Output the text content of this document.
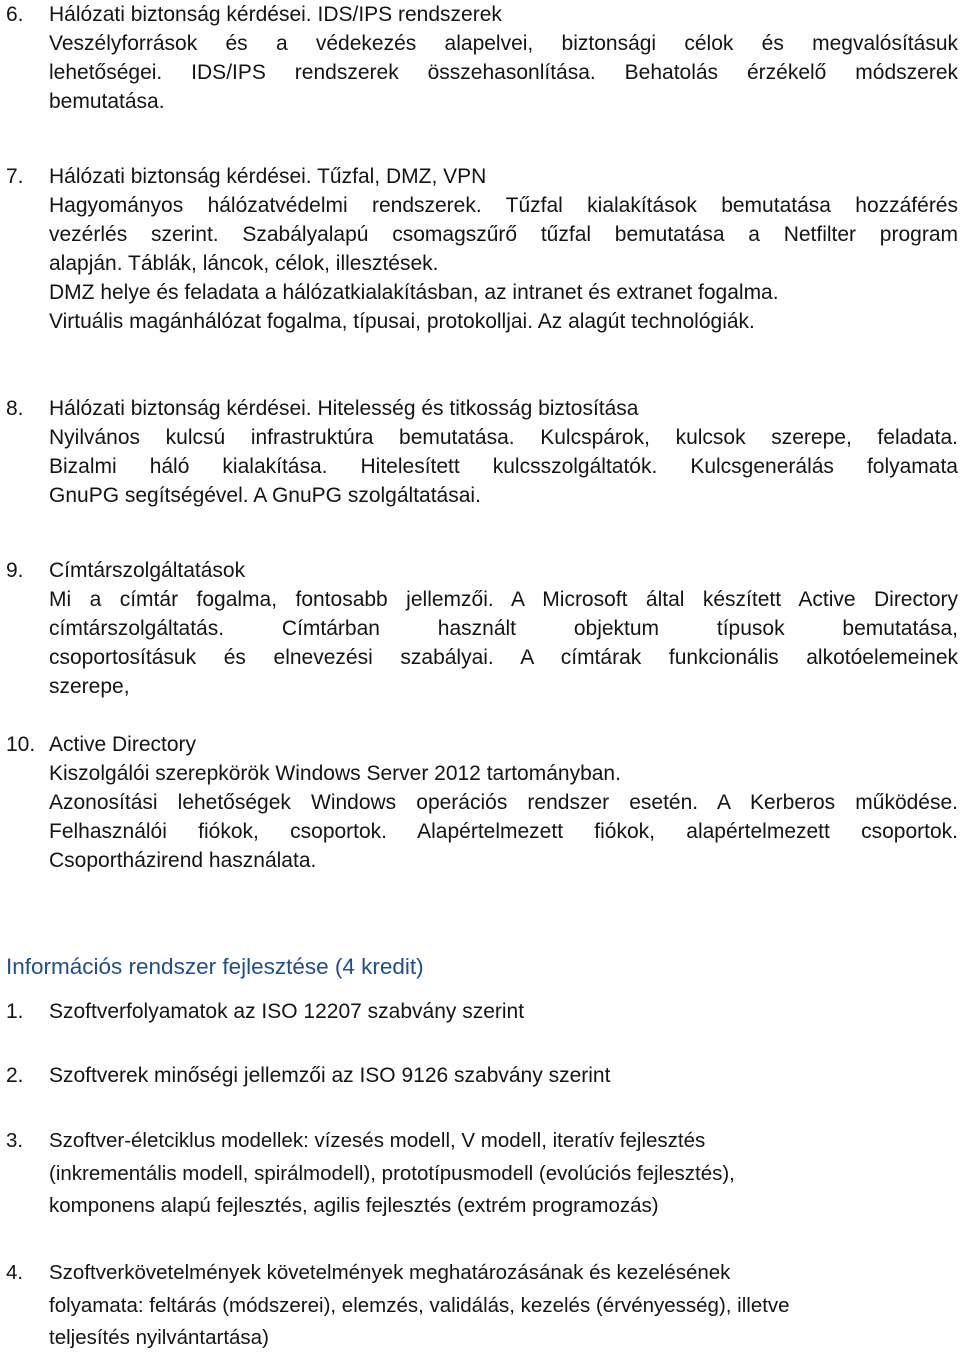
6.	Hálózati biztonság kérdései. IDS/IPS rendszerek
Veszélyforrások és a védekezés alapelvei, biztonsági célok és megvalósításuk
lehetőségei. IDS/IPS rendszerek összehasonlítása. Behatolás érzékelő módszerek
bemutatása.
7.	Hálózati biztonság kérdései. Tűzfal, DMZ, VPN
Hagyományos hálózatvédelmi rendszerek. Tűzfal kialakítások bemutatása hozzáférés
vezérlés szerint. Szabályalapú csomagszűrő tűzfal bemutatása a Netfilter program
alapján. Táblák, láncok, célok, illesztések.
DMZ helye és feladata a hálózatkialakításban, az intranet és extranet fogalma.
Virtuális magánhálózat fogalma, típusai, protokolljai. Az alagút technológiák.
8.	Hálózati biztonság kérdései. Hitelesség és titkosság biztosítása
Nyilvános kulcsú infrastruktúra bemutatása. Kulcspárok, kulcsok szerepe, feladata.
Bizalmi háló kialakítása. Hitelesített kulcsszolgáltatók. Kulcsgenerálás folyamata
GnuPG segítségével. A GnuPG szolgáltatásai.
9.	Címtárszolgáltatások
Mi a címtár fogalma, fontosabb jellemzői. A Microsoft által készített Active Directory
címtárszolgáltatás. Címtárban használt objektum típusok bemutatása,
csoportosításuk és elnevezési szabályai. A címtárak funkcionális alkotóelemeinek
szerepe,
10. Active Directory
Kiszolgálói szerepkörök Windows Server 2012 tartományban.
Azonosítási lehetőségek Windows operációs rendszer esetén. A Kerberos működése.
Felhasználói fiókok, csoportok. Alapértelmezett fiókok, alapértelmezett csoportok.
Csoportházirend használata.
Információs rendszer fejlesztése (4 kredit)
1.	Szoftverfolyamatok az ISO 12207 szabvány szerint
2.	Szoftverek minőségi jellemzői az ISO 9126 szabvány szerint
3.	Szoftver-életciklus modellek: vízesés modell, V modell, iteratív fejlesztés
(inkrementális modell, spirálmodell), prototípusmodell (evolúciós fejlesztés),
komponens alapú fejlesztés, agilis fejlesztés (extrém programozás)
4.	Szoftverkövetelmények követelmények meghatározásának és kezelésének
folyamata: feltárás (módszerei), elemzés, validálás, kezelés (érvényesség), illetve
teljesítés nyilvántartása)
